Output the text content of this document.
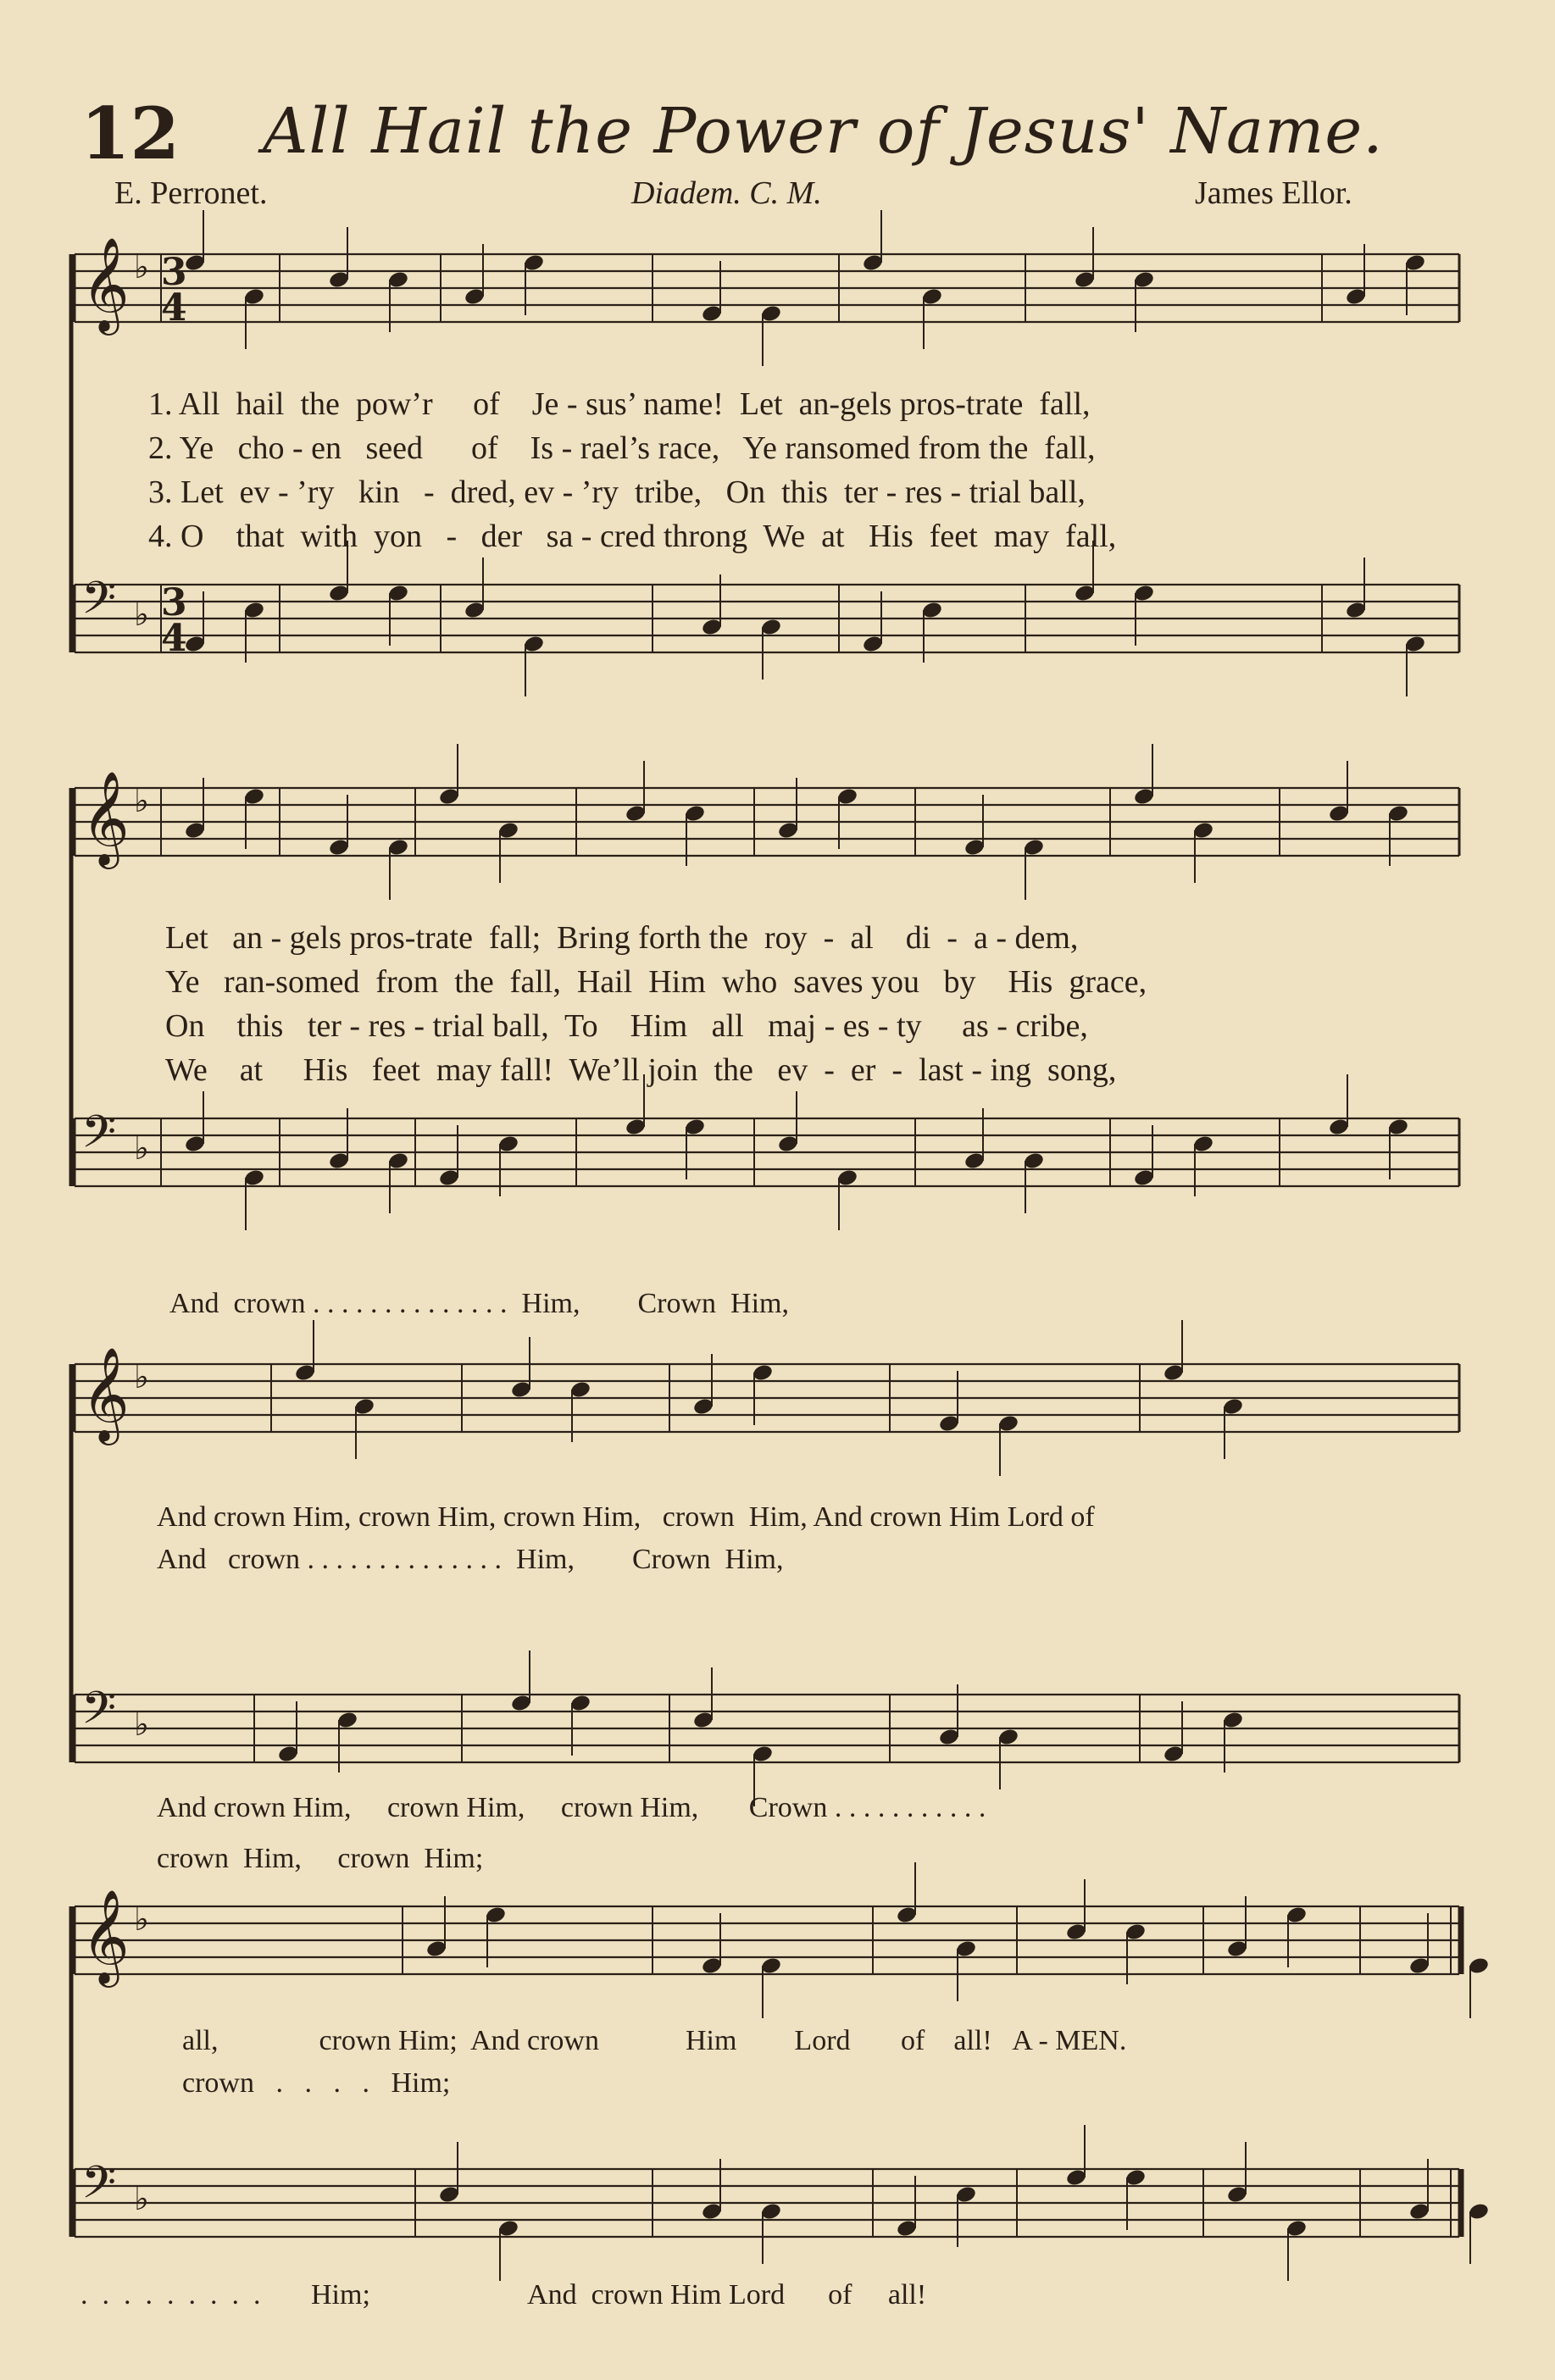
12 All Hail the Power of Jesus' Name.
E. Perronet.	Diadem. C. M.	James Ellor.
𝄞 ♭
𝄢 ♭
𝄞 ♭
𝄢 ♭
𝄞 ♭
𝄢 ♭
𝄞 ♭
𝄢 ♭
3
4
3
4
1. All  hail  the  pow’r     of    Je - sus’ name!  Let  an-gels pros-trate  fall,
2. Ye   cho - en   seed      of    Is - rael’s race,   Ye ransomed from the  fall,
3. Let  ev - ’ry   kin   -  dred, ev - ’ry  tribe,   On  this  ter - res - trial ball,
4. O    that  with  yon   -   der   sa - cred throng  We  at   His  feet  may  fall,
Let   an - gels pros-trate  fall;  Bring forth the  roy  -  al    di  -  a - dem,
Ye   ran-somed  from  the  fall,  Hail  Him  who  saves you   by    His  grace,
On    this   ter - res - trial ball,  To    Him   all   maj - es - ty     as - cribe,
We    at     His   feet  may fall!  We’ll join  the   ev  -  er  -  last - ing  song,
And  crown . . . . . . . . . . . . . .  Him,        Crown  Him,
And crown Him, crown Him, crown Him,   crown  Him, And crown Him Lord of
And   crown . . . . . . . . . . . . . .  Him,        Crown  Him,
And crown Him,     crown Him,     crown Him,       Crown . . . . . . . . . . .
crown  Him,     crown  Him;
all,              crown Him;  And crown            Him        Lord       of    all!   A - MEN.
crown   .   .   .   .   Him;
.  .  .  .  .  .  .  .  .       Him;                      And  crown Him Lord      of     all!
